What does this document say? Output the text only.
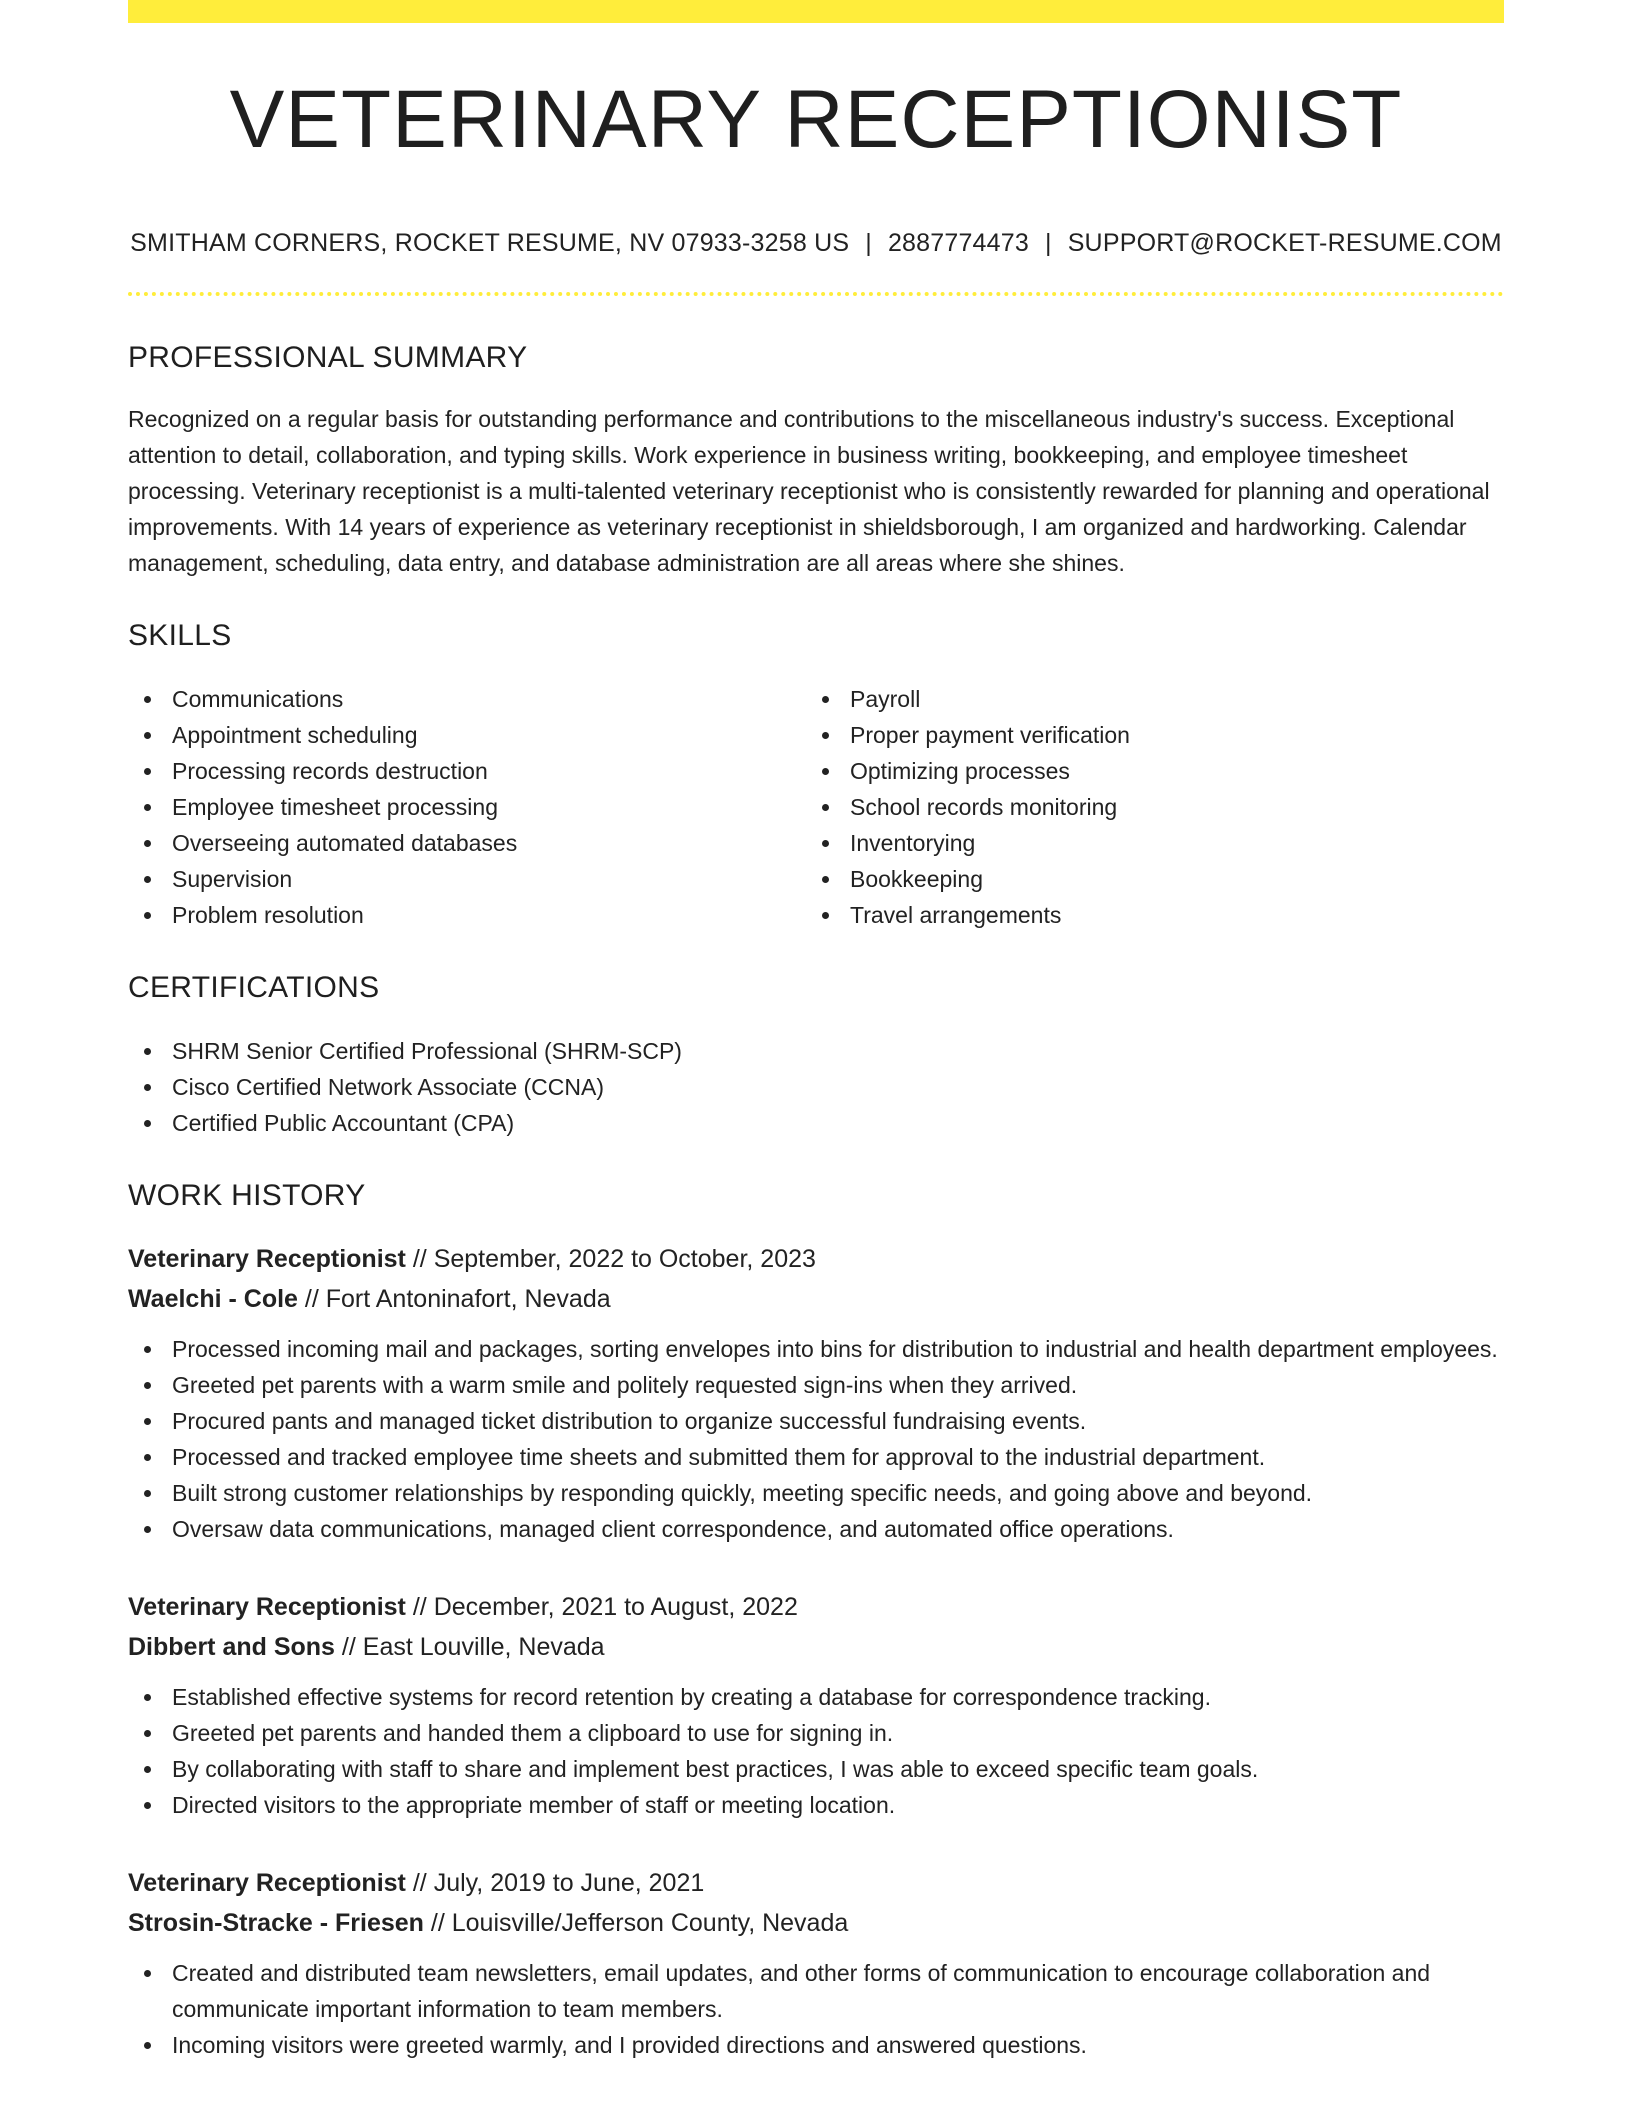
VETERINARY RECEPTIONIST
SMITHAM CORNERS, ROCKET RESUME, NV 07933-3258 US | 2887774473 | SUPPORT@ROCKET-RESUME.COM
PROFESSIONAL SUMMARY
Recognized on a regular basis for outstanding performance and contributions to the miscellaneous industry's success. Exceptional attention to detail, collaboration, and typing skills. Work experience in business writing, bookkeeping, and employee timesheet processing. Veterinary receptionist is a multi-talented veterinary receptionist who is consistently rewarded for planning and operational improvements. With 14 years of experience as veterinary receptionist in shieldsborough, I am organized and hardworking. Calendar management, scheduling, data entry, and database administration are all areas where she shines.
SKILLS
Communications
Appointment scheduling
Processing records destruction
Employee timesheet processing
Overseeing automated databases
Supervision
Problem resolution
Payroll
Proper payment verification
Optimizing processes
School records monitoring
Inventorying
Bookkeeping
Travel arrangements
CERTIFICATIONS
SHRM Senior Certified Professional (SHRM-SCP)
Cisco Certified Network Associate (CCNA)
Certified Public Accountant (CPA)
WORK HISTORY
Veterinary Receptionist // September, 2022 to October, 2023
Waelchi - Cole // Fort Antoninafort, Nevada
Processed incoming mail and packages, sorting envelopes into bins for distribution to industrial and health department employees.
Greeted pet parents with a warm smile and politely requested sign-ins when they arrived.
Procured pants and managed ticket distribution to organize successful fundraising events.
Processed and tracked employee time sheets and submitted them for approval to the industrial department.
Built strong customer relationships by responding quickly, meeting specific needs, and going above and beyond.
Oversaw data communications, managed client correspondence, and automated office operations.
Veterinary Receptionist // December, 2021 to August, 2022
Dibbert and Sons // East Louville, Nevada
Established effective systems for record retention by creating a database for correspondence tracking.
Greeted pet parents and handed them a clipboard to use for signing in.
By collaborating with staff to share and implement best practices, I was able to exceed specific team goals.
Directed visitors to the appropriate member of staff or meeting location.
Veterinary Receptionist // July, 2019 to June, 2021
Strosin-Stracke - Friesen // Louisville/Jefferson County, Nevada
Created and distributed team newsletters, email updates, and other forms of communication to encourage collaboration and communicate important information to team members.
Incoming visitors were greeted warmly, and I provided directions and answered questions.
